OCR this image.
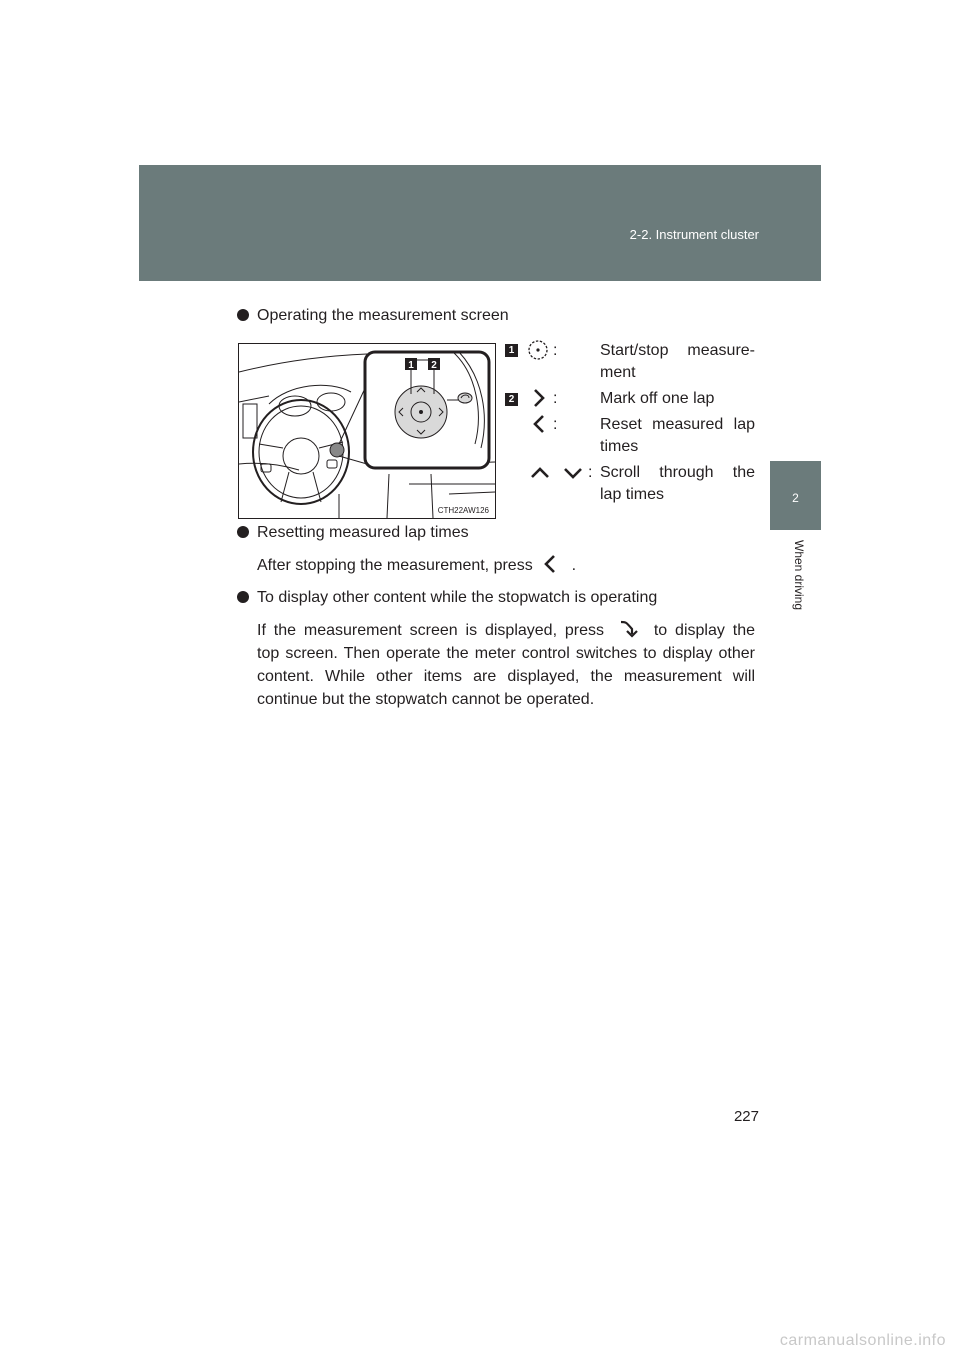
2-2. Instrument cluster
2
When driving
Operating the measurement screen
1 2
CTH22AW126
1 :	Start/stop measure-
ment
2 :	Mark off one lap
:	Reset measured lap
times
: Scroll through the
lap times
Resetting measured lap times
After stopping the measurement, press .
To display other content while the stopwatch is operating
If the measurement screen is displayed, press	to display the
top screen. Then operate the meter control switches to display other content. While other items are displayed, the measurement will continue but the stopwatch cannot be operated.
227
carmanualsonline.info
